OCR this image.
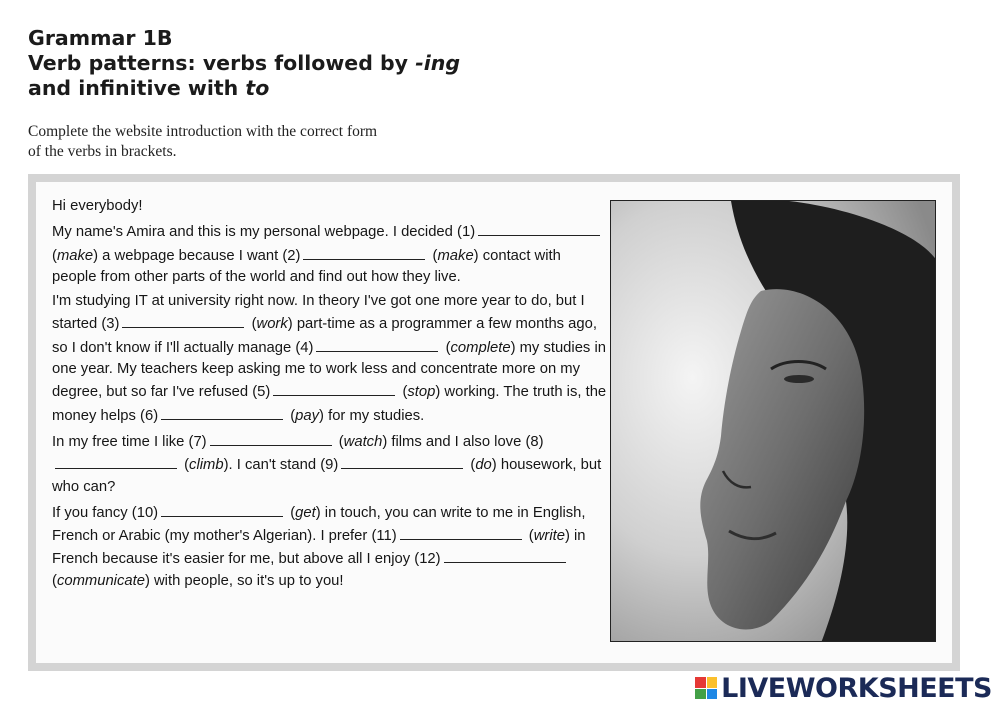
Grammar 1B
Verb patterns: verbs followed by -ing
and infinitive with to
Complete the website introduction with the correct form
of the verbs in brackets.

Hi everybody!

My name's Amira and this is my personal webpage. I decided (1) (make) a webpage because I want (2)	(make) contact with people from other parts of the world and find out how they live.

I'm studying IT at university right now. In theory I've got one more year to do, but I started (3)	(work) part-time as a programmer a few months ago, so I don't know if I'll actually manage (4)	(complete) my studies in one year. My teachers keep asking me to work less and concentrate more on my degree, but so far I've refused (5)	(stop) working. The truth is, the money helps (6)	(pay) for my studies.

In my free time I like (7)	(watch) films and I also love (8) (climb). I can't stand (9)	(do) housework, but who can?

If you fancy (10)	(get) in touch, you can write to me in English, French or Arabic (my mother's Algerian). I prefer (11)	(write) in French because it's easier for me, but above all I enjoy (12) (communicate) with people, so it's up to you!

LIVEWORKSHEETS
